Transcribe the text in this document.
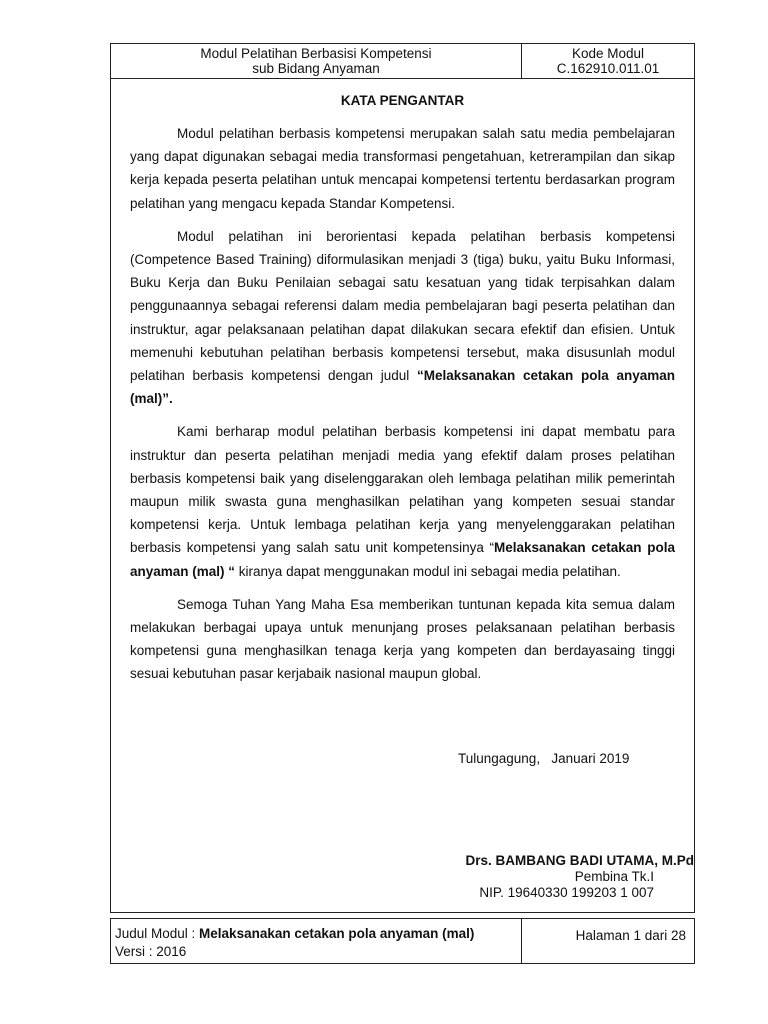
Modul Pelatihan Berbasisi Kompetensi
sub Bidang Anyaman
Kode Modul
C.162910.011.01
KATA PENGANTAR

Modul pelatihan berbasis kompetensi merupakan salah satu media pembelajaran yang dapat digunakan sebagai media transformasi pengetahuan, ketrerampilan dan sikap kerja kepada peserta pelatihan untuk mencapai kompetensi tertentu berdasarkan program pelatihan yang mengacu kepada Standar Kompetensi.

Modul pelatihan ini berorientasi kepada pelatihan berbasis kompetensi (Competence Based Training) diformulasikan menjadi 3 (tiga) buku, yaitu Buku Informasi, Buku Kerja dan Buku Penilaian sebagai satu kesatuan yang tidak terpisahkan dalam penggunaannya sebagai referensi dalam media pembelajaran bagi peserta pelatihan dan instruktur, agar pelaksanaan pelatihan dapat dilakukan secara efektif dan efisien. Untuk memenuhi kebutuhan pelatihan berbasis kompetensi tersebut, maka disusunlah modul pelatihan berbasis kompetensi dengan judul “Melaksanakan cetakan pola anyaman (mal)”.

Kami berharap modul pelatihan berbasis kompetensi ini dapat membatu para instruktur dan peserta pelatihan menjadi media yang efektif dalam proses pelatihan berbasis kompetensi baik yang diselenggarakan oleh lembaga pelatihan milik pemerintah maupun milik swasta guna menghasilkan pelatihan yang kompeten sesuai standar kompetensi kerja. Untuk lembaga pelatihan kerja yang menyelenggarakan pelatihan berbasis kompetensi yang salah satu unit kompetensinya “Melaksanakan cetakan pola anyaman (mal) “ kiranya dapat menggunakan modul ini sebagai media pelatihan.

Semoga Tuhan Yang Maha Esa memberikan tuntunan kepada kita semua dalam melakukan berbagai upaya untuk menunjang proses pelaksanaan pelatihan berbasis kompetensi guna menghasilkan tenaga kerja yang kompeten dan berdayasaing tinggi sesuai kebutuhan pasar kerjabaik nasional maupun global.

Tulungagung,   Januari 2019
Drs. BAMBANG BADI UTAMA, M.Pd
Pembina Tk.I
NIP. 19640330 199203 1 007
Judul Modul : Melaksanakan cetakan pola anyaman (mal)
Versi : 2016
Halaman 1 dari 28
